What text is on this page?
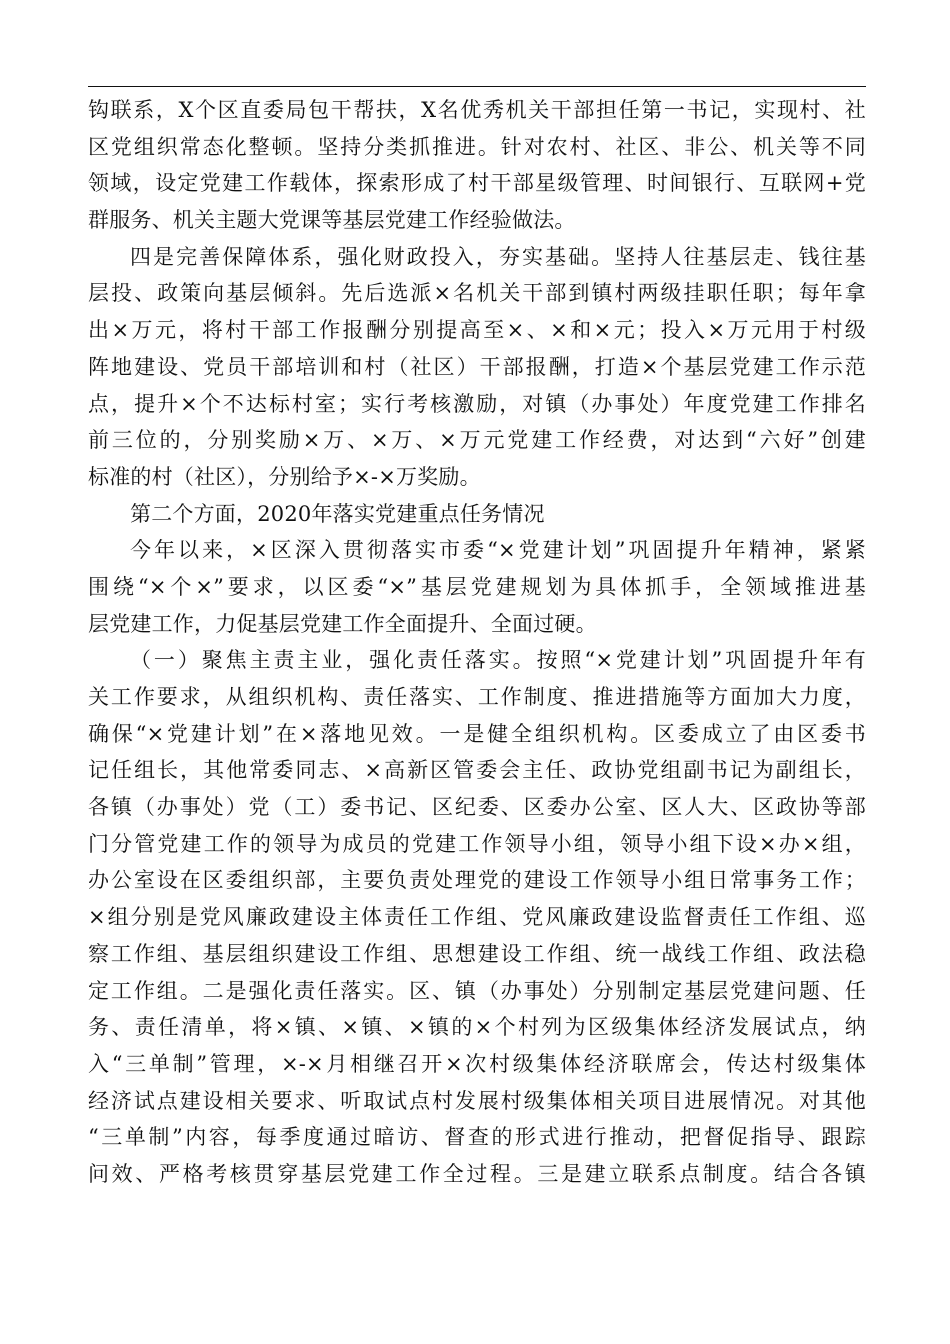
钩联系，X个区直委局包干帮扶，X名优秀机关干部担任第一书记，实现村、社
区党组织常态化整顿。坚持分类抓推进。针对农村、社区、非公、机关等不同
领域，设定党建工作载体，探索形成了村干部星级管理、时间银行、互联网+党
群服务、机关主题大党课等基层党建工作经验做法。
四是完善保障体系，强化财政投入，夯实基础。坚持人往基层走、钱往基
层投、政策向基层倾斜。先后选派×名机关干部到镇村两级挂职任职；每年拿
出×万元，将村干部工作报酬分别提高至×、×和×元；投入×万元用于村级
阵地建设、党员干部培训和村（社区）干部报酬，打造×个基层党建工作示范
点，提升×个不达标村室；实行考核激励，对镇（办事处）年度党建工作排名
前三位的，分别奖励×万、×万、×万元党建工作经费，对达到“六好”创建
标准的村（社区），分别给予×-×万奖励。
第二个方面，2020年落实党建重点任务情况
今年以来，×区深入贯彻落实市委“×党建计划”巩固提升年精神，紧紧
围绕“×个×”要求，以区委“×”基层党建规划为具体抓手，全领域推进基
层党建工作，力促基层党建工作全面提升、全面过硬。
（一）聚焦主责主业，强化责任落实。按照“×党建计划”巩固提升年有
关工作要求，从组织机构、责任落实、工作制度、推进措施等方面加大力度，
确保“×党建计划”在×落地见效。一是健全组织机构。区委成立了由区委书
记任组长，其他常委同志、×高新区管委会主任、政协党组副书记为副组长，
各镇（办事处）党（工）委书记、区纪委、区委办公室、区人大、区政协等部
门分管党建工作的领导为成员的党建工作领导小组，领导小组下设×办×组，
办公室设在区委组织部，主要负责处理党的建设工作领导小组日常事务工作；
×组分别是党风廉政建设主体责任工作组、党风廉政建设监督责任工作组、巡
察工作组、基层组织建设工作组、思想建设工作组、统一战线工作组、政法稳
定工作组。二是强化责任落实。区、镇（办事处）分别制定基层党建问题、任
务、责任清单，将×镇、×镇、×镇的×个村列为区级集体经济发展试点，纳
入“三单制”管理，×-×月相继召开×次村级集体经济联席会，传达村级集体
经济试点建设相关要求、听取试点村发展村级集体相关项目进展情况。对其他
“三单制”内容，每季度通过暗访、督查的形式进行推动，把督促指导、跟踪
问效、严格考核贯穿基层党建工作全过程。三是建立联系点制度。结合各镇
